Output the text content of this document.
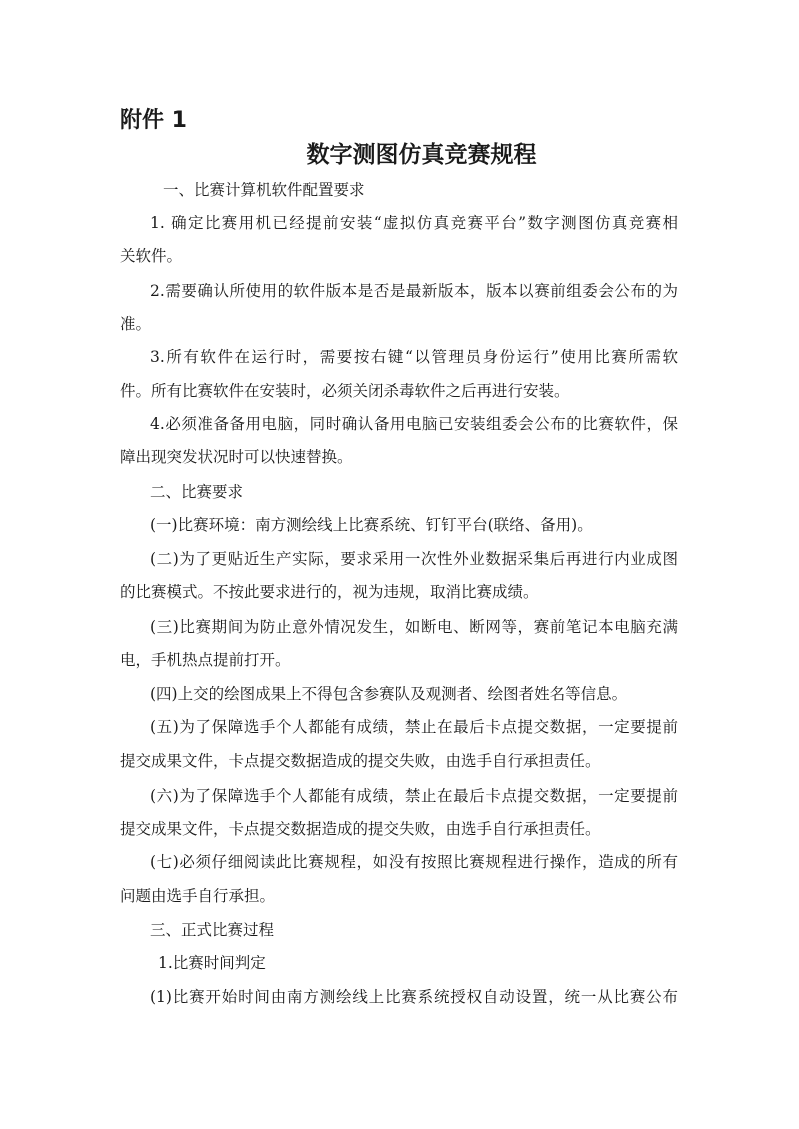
附件 1
数字测图仿真竞赛规程

一、比赛计算机软件配置要求

1. 确定比赛用机已经提前安装“虚拟仿真竞赛平台”数字测图仿真竞赛相

关软件。

2.需要确认所使用的软件版本是否是最新版本，版本以赛前组委会公布的为

准。

3.所有软件在运行时，需要按右键“以管理员身份运行”使用比赛所需软

件。所有比赛软件在安装时，必须关闭杀毒软件之后再进行安装。

4.必须准备备用电脑，同时确认备用电脑已安装组委会公布的比赛软件，保

障出现突发状况时可以快速替换。

二、比赛要求

(一)比赛环境：南方测绘线上比赛系统、钉钉平台(联络、备用)。

(二)为了更贴近生产实际，要求采用一次性外业数据采集后再进行内业成图

的比赛模式。不按此要求进行的，视为违规，取消比赛成绩。

(三)比赛期间为防止意外情况发生，如断电、断网等，赛前笔记本电脑充满

电，手机热点提前打开。

(四)上交的绘图成果上不得包含参赛队及观测者、绘图者姓名等信息。

(五)为了保障选手个人都能有成绩，禁止在最后卡点提交数据，一定要提前

提交成果文件，卡点提交数据造成的提交失败，由选手自行承担责任。

(六)为了保障选手个人都能有成绩，禁止在最后卡点提交数据，一定要提前

提交成果文件，卡点提交数据造成的提交失败，由选手自行承担责任。

(七)必须仔细阅读此比赛规程，如没有按照比赛规程进行操作，造成的所有

问题由选手自行承担。

三、正式比赛过程

1.比赛时间判定

(1)比赛开始时间由南方测绘线上比赛系统授权自动设置，统一从比赛公布
